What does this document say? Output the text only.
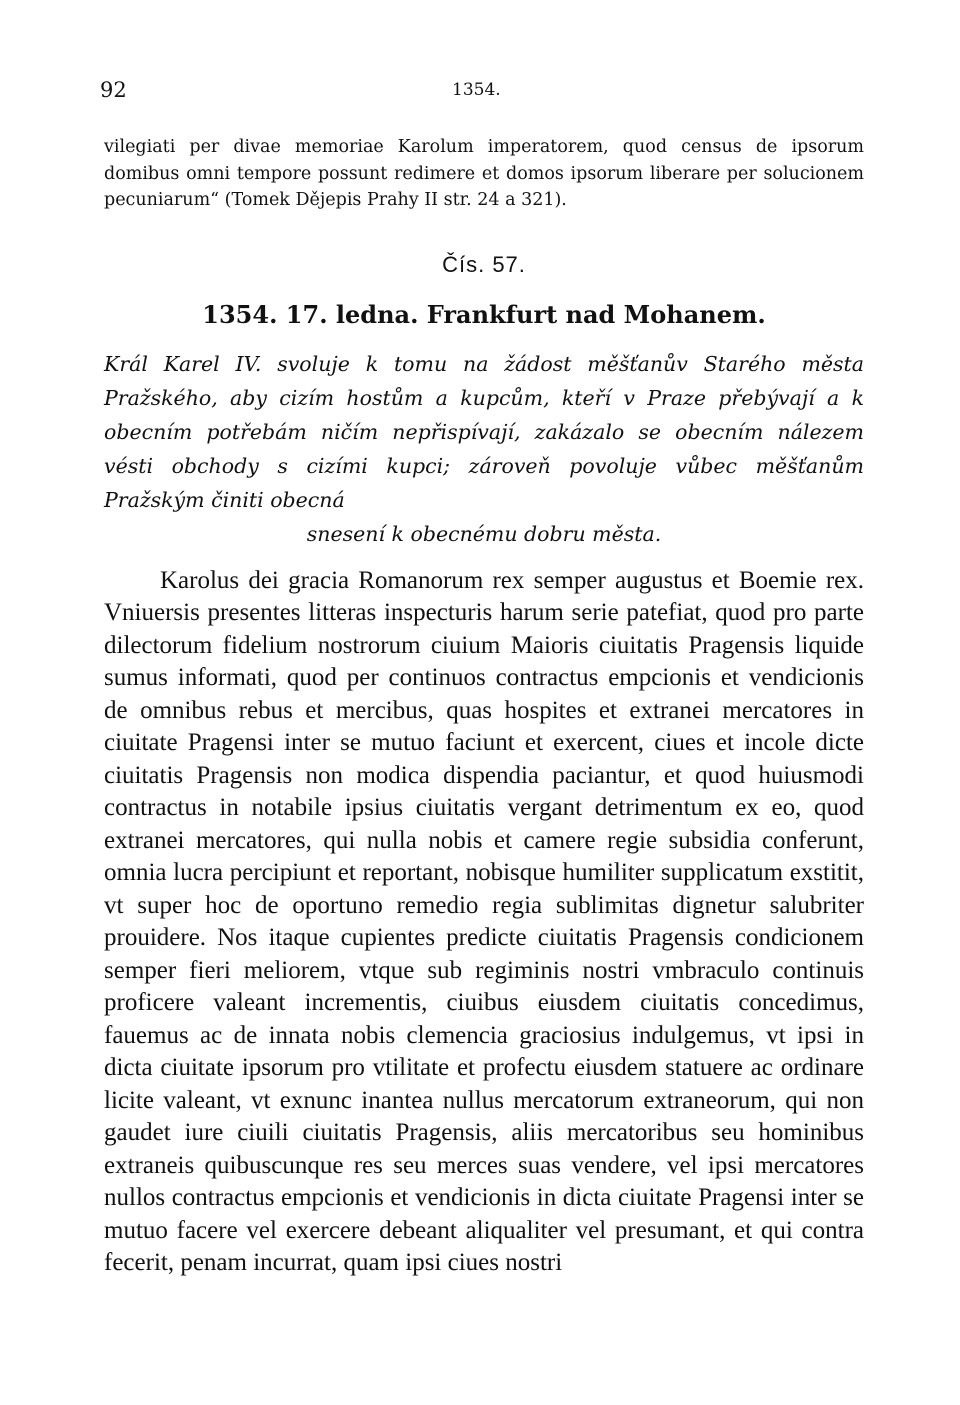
92	1354.

vilegiati per divae memoriae Karolum imperatorem, quod census de ipsorum domibus omni tempore possunt redimere et domos ipsorum liberare per solucionem pecuniarum“ (Tomek Dějepis Prahy II str. 24 a 321).

Čís. 57.
1354. 17. ledna. Frankfurt nad Mohanem.
Král Karel IV. svoluje k tomu na žádost měšťanův Starého města Pražského, aby cizím hostům a kupcům, kteří v Praze přebývají a k obecním potřebám ničím nepřispívají, zakázalo se obecním nálezem vésti obchody s cizími kupci; zároveň povoluje vůbec měšťanům Pražským činiti obecná
snesení k obecnému dobru města.
Karolus dei gracia Romanorum rex semper augustus et Boemie rex. Vniuersis presentes litteras inspecturis harum serie patefiat, quod pro parte dilectorum fidelium nostrorum ciuium Maioris ciuitatis Pragensis liquide sumus informati, quod per continuos contractus empcionis et vendicionis de omnibus rebus et mercibus, quas hospites et extranei mercatores in ciuitate Pragensi inter se mutuo faciunt et exercent, ciues et incole dicte ciuitatis Pragensis non modica dispendia paciantur, et quod huiusmodi contractus in notabile ipsius ciuitatis vergant detrimentum ex eo, quod extranei mercatores, qui nulla nobis et camere regie subsidia conferunt, omnia lucra percipiunt et reportant, nobisque humiliter supplicatum exstitit, vt super hoc de oportuno remedio regia sublimitas dignetur salubriter prouidere. Nos itaque cupientes predicte ciuitatis Pragensis condicionem semper fieri meliorem, vtque sub regiminis nostri vmbraculo continuis proficere valeant incrementis, ciuibus eiusdem ciuitatis concedimus, fauemus ac de innata nobis clemencia graciosius indulgemus, vt ipsi in dicta ciuitate ipsorum pro vtilitate et profectu eiusdem statuere ac ordinare licite valeant, vt exnunc inantea nullus mercatorum extraneorum, qui non gaudet iure ciuili ciuitatis Pragensis, aliis mercatoribus seu hominibus extraneis quibuscunque res seu merces suas vendere, vel ipsi mercatores nullos contractus empcionis et vendicionis in dicta ciuitate Pragensi inter se mutuo facere vel exercere debeant aliqualiter vel presumant, et qui contra fecerit, penam incurrat, quam ipsi ciues nostri
